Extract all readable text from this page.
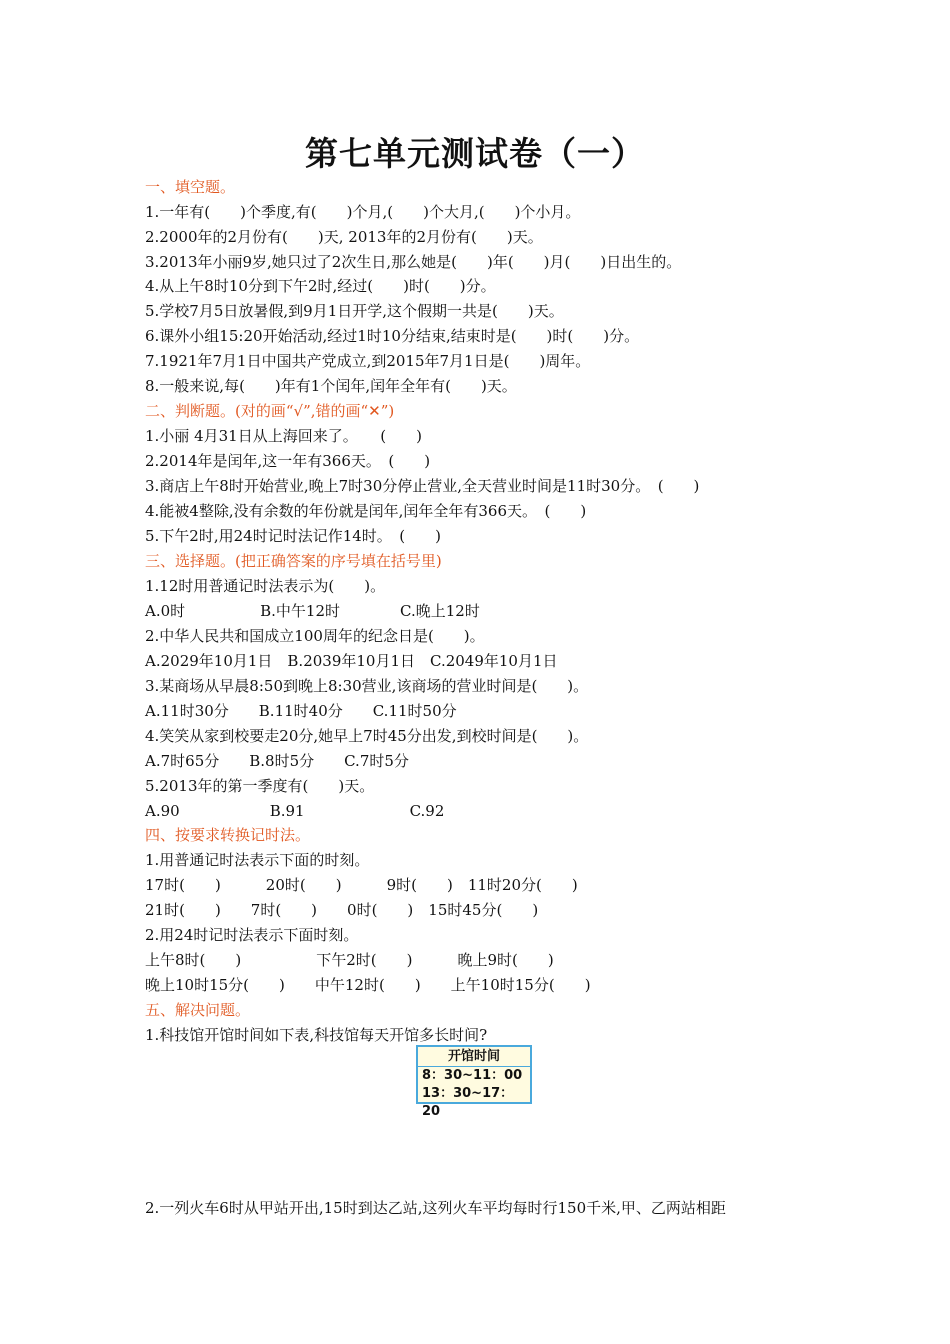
第七单元测试卷（一）
一、填空题。
1.一年有(　　)个季度,有(　　)个月,(　　)个大月,(　　)个小月。
2.2000年的2月份有(　　)天, 2013年的2月份有(　　)天。
3.2013年小丽9岁,她只过了2次生日,那么她是(　　)年(　　)月(　　)日出生的。
4.从上午8时10分到下午2时,经过(　　)时(　　)分。
5.学校7月5日放暑假,到9月1日开学,这个假期一共是(　　)天。
6.课外小组15:20开始活动,经过1时10分结束,结束时是(　　)时(　　)分。
7.1921年7月1日中国共产党成立,到2015年7月1日是(　　)周年。
8.一般来说,每(　　)年有1个闰年,闰年全年有(　　)天。
二、判断题。(对的画“√”,错的画“✕”)
1.小丽 4月31日从上海回来了。　　(　　)
2.2014年是闰年,这一年有366天。　(　　)
3.商店上午8时开始营业,晚上7时30分停止营业,全天营业时间是11时30分。　(　　)
4.能被4整除,没有余数的年份就是闰年,闰年全年有366天。　(　　)
5.下午2时,用24时记时法记作14时。　(　　)
三、选择题。(把正确答案的序号填在括号里)
1.12时用普通记时法表示为(　　)。
A.0时　　　　　B.中午12时　　　　C.晚上12时
2.中华人民共和国成立100周年的纪念日是(　　)。
A.2029年10月1日　B.2039年10月1日　C.2049年10月1日
3.某商场从早晨8:50到晚上8:30营业,该商场的营业时间是(　　)。
A.11时30分　　B.11时40分　　C.11时50分
4.笑笑从家到校要走20分,她早上7时45分出发,到校时间是(　　)。
A.7时65分　　B.8时5分　　C.7时5分
5.2013年的第一季度有(　　)天。
A.90　　　　　　B.91　　　　　　　C.92
四、按要求转换记时法。
1.用普通记时法表示下面的时刻。
17时(　　)　　　20时(　　)　　　9时(　　)　11时20分(　　)
21时(　　)　　7时(　　)　　0时(　　)　15时45分(　　)
2.用24时记时法表示下面时刻。
上午8时(　　)　　　　　下午2时(　　)　　　晚上9时(　　)
晚上10时15分(　　)　　中午12时(　　)　　上午10时15分(　　)
五、解决问题。
1.科技馆开馆时间如下表,科技馆每天开馆多长时间?
开馆时间
8：30~11：00
13：30~17：20
2.一列火车6时从甲站开出,15时到达乙站,这列火车平均每时行150千米,甲、乙两站相距
